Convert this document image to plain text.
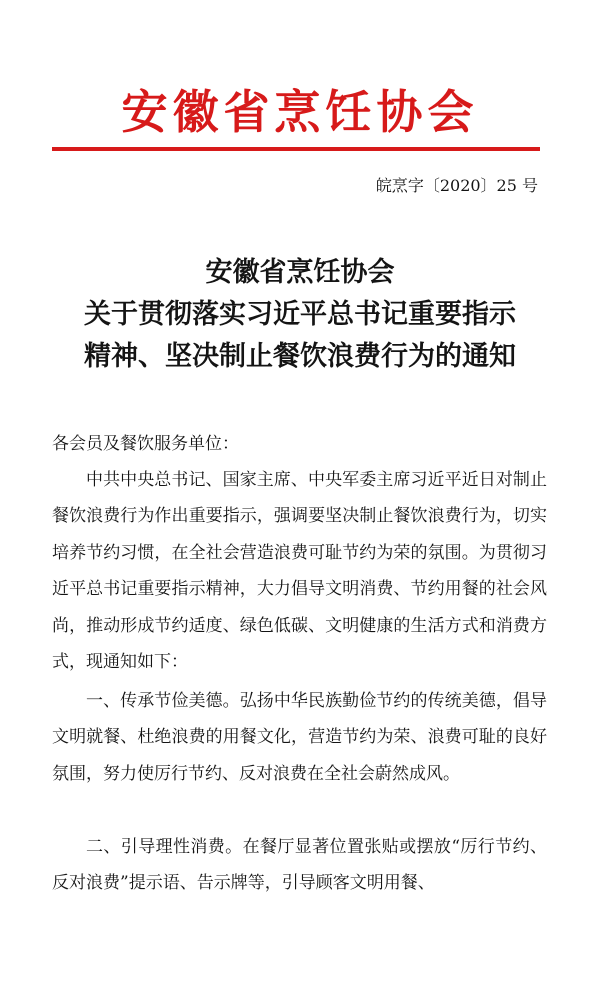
安徽省烹饪协会
皖烹字〔2020〕25 号
安徽省烹饪协会
关于贯彻落实习近平总书记重要指示
精神、坚决制止餐饮浪费行为的通知
各会员及餐饮服务单位：

中共中央总书记、国家主席、中央军委主席习近平近日对制止餐饮浪费行为作出重要指示，强调要坚决制止餐饮浪费行为，切实培养节约习惯，在全社会营造浪费可耻节约为荣的氛围。为贯彻习近平总书记重要指示精神，大力倡导文明消费、节约用餐的社会风尚，推动形成节约适度、绿色低碳、文明健康的生活方式和消费方式，现通知如下：

一、传承节俭美德。弘扬中华民族勤俭节约的传统美德，倡导文明就餐、杜绝浪费的用餐文化，营造节约为荣、浪费可耻的良好氛围，努力使厉行节约、反对浪费在全社会蔚然成风。

二、引导理性消费。在餐厅显著位置张贴或摆放“厉行节约、反对浪费”提示语、告示牌等，引导顾客文明用餐、
